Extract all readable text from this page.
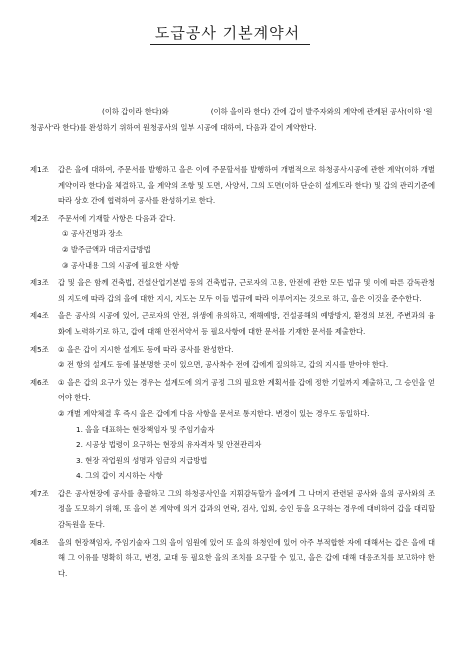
도급공사 기본계약서
(이하 갑이라 한다)와	(이하 을이라 한다) 간에 갑이 발주자와의 계약에 관계된 공사(이하 '원청공사'라 한다)를 완성하기 위하여 원청공사의 일부 시공에 대하여, 다음과 같이 계약한다.
제1조	갑은 을에 대하여, 주문서를 발행하고 을은 이에 주문할서를 발행하여 개별적으로 하청공사시공에 관한 계약(이하 개별계약이라 한다)을 체결하고, 을 계약의 조항 및 도면, 사양서, 그의 도면(이하 단순히 설계도라 한다) 및 갑의 관리기준에 따라 상호 간에 협력하여 공사를 완성하기로 한다.
제2조	주문서에 기재할 사항은 다음과 같다.
① 공사건명과 장소
② 발주금액과 대금지급방법
③ 공사내용 그의 시공에 필요한 사항
제3조	갑 및 을은 함께 건축법, 건설산업기본법 등의 건축법규, 근로자의 고용, 안전에 관한 모든 법규 및 이에 따른 감독관청의 지도에 따라 갑의 을에 대한 지시, 지도는 모두 이들 법규에 따라 이루어지는 것으로 하고, 을은 이것을 준수한다.
제4조	을은 공사의 시공에 있어, 근로자의 안전, 위생에 유의하고, 재해예방, 건설공해의 예방방지, 환경의 보전, 주변과의 융화에 노력하기로 하고, 갑에 대해 안전서약서 등 필요사항에 대한 문서를 기재한 문서를 제출한다.
제5조	① 을은 갑이 지시한 설계도 등에 따라 공사를 완성한다.
② 전 항의 설계도 등에 불분명한 곳이 있으면, 공사착수 전에 갑에게 질의하고, 갑의 지시를 받아야 한다.
제6조	① 을은 갑의 요구가 있는 경우는 설계도에 의거 공정 그의 필요한 계획서를 갑에 정한 기일까지 제출하고, 그 승인을 얻어야 한다.
② 개별 계약체결 후 즉시 을은 갑에게 다음 사항을 문서로 통지한다. 변경이 있는 경우도 동일하다.
1. 을을 대표하는 현장책임자 및 주임기술자
2. 시공상 법령이 요구하는 현장의 유자격자 및 안전관리자
3. 현장 작업원의 성명과 임금의 지급방법
4. 그의 갑이 지시하는 사항
제7조	갑은 공사현장에 공사를 총괄하고 그의 하청공사인을 지휘감독할가 을에게 그 나머지 관련된 공사와 을의 공사와의 조정을 도모하기 위해, 또 을이 본 계약에 의거 갑과의 연락, 검사, 입회, 승인 등을 요구하는 경우에 대비하여 갑을 대리할 감독원을 둔다.
제8조	을의 현장책임자, 주임기술자 그의 을이 임원에 있어 또 을의 하청인에 있어 아주 부적합한 자에 대해서는 갑은 을에 대해 그 이유를 명확히 하고, 변경, 교대 등 필요한 을의 조치를 요구할 수 있고, 을은 갑에 대해 대응조치를 보고하야 한다.
